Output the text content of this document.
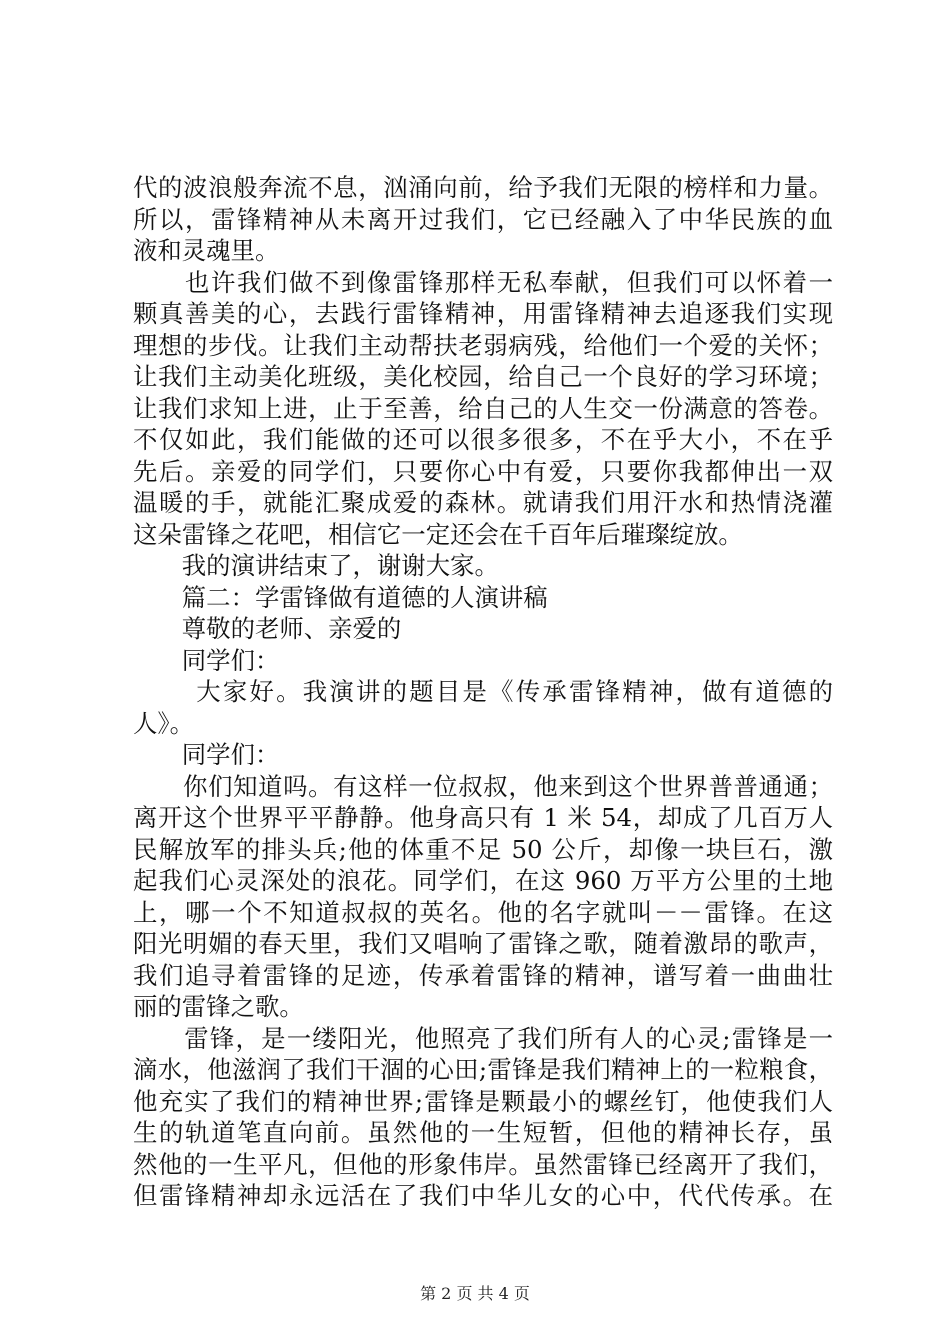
代的波浪般奔流不息，汹涌向前，给予我们无限的榜样和力量。
所以，雷锋精神从未离开过我们，它已经融入了中华民族的血
液和灵魂里。
　　也许我们做不到像雷锋那样无私奉献，但我们可以怀着一
颗真善美的心，去践行雷锋精神，用雷锋精神去追逐我们实现
理想的步伐。让我们主动帮扶老弱病残，给他们一个爱的关怀；
让我们主动美化班级，美化校园，给自己一个良好的学习环境；
让我们求知上进，止于至善，给自己的人生交一份满意的答卷。
不仅如此，我们能做的还可以很多很多，不在乎大小，不在乎
先后。亲爱的同学们，只要你心中有爱，只要你我都伸出一双
温暖的手，就能汇聚成爱的森林。就请我们用汗水和热情浇灌
这朵雷锋之花吧，相信它一定还会在千百年后璀璨绽放。
　　我的演讲结束了，谢谢大家。
　　篇二：学雷锋做有道德的人演讲稿
　　尊敬的老师、亲爱的
　　同学们：
　　 大家好。我演讲的题目是《传承雷锋精神，做有道德的
人》。
　　同学们：
　　你们知道吗。有这样一位叔叔，他来到这个世界普普通通；
离开这个世界平平静静。他身高只有 1 米 54，却成了几百万人
民解放军的排头兵;他的体重不足 50 公斤，却像一块巨石，激
起我们心灵深处的浪花。同学们，在这 960 万平方公里的土地
上，哪一个不知道叔叔的英名。他的名字就叫－－雷锋。在这
阳光明媚的春天里，我们又唱响了雷锋之歌，随着激昂的歌声，
我们追寻着雷锋的足迹，传承着雷锋的精神，谱写着一曲曲壮
丽的雷锋之歌。
　　雷锋，是一缕阳光，他照亮了我们所有人的心灵;雷锋是一
滴水，他滋润了我们干涸的心田;雷锋是我们精神上的一粒粮食，
他充实了我们的精神世界;雷锋是颗最小的螺丝钉，他使我们人
生的轨道笔直向前。虽然他的一生短暂，但他的精神长存，虽
然他的一生平凡，但他的形象伟岸。虽然雷锋已经离开了我们，
但雷锋精神却永远活在了我们中华儿女的心中，代代传承。在
第 2 页 共 4 页
